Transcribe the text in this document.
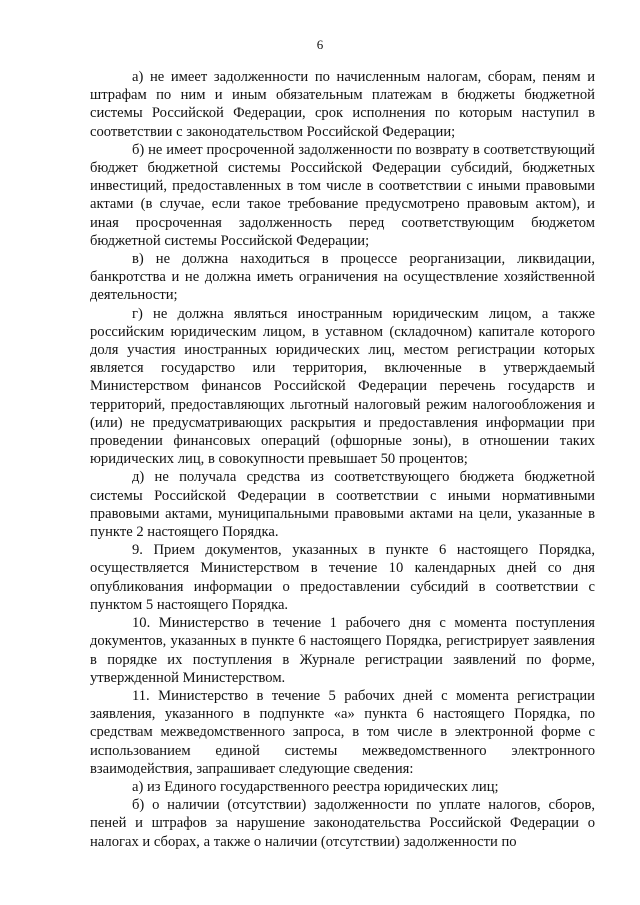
6

а) не имеет задолженности по начисленным налогам, сборам, пеням и штрафам по ним и иным обязательным платежам в бюджеты бюджетной системы Российской Федерации, срок исполнения по которым наступил в соответствии с законодательством Российской Федерации;

б) не имеет просроченной задолженности по возврату в соответствующий бюджет бюджетной системы Российской Федерации субсидий, бюджетных инвестиций, предоставленных в том числе в соответствии с иными правовыми актами (в случае, если такое требование предусмотрено правовым актом), и иная просроченная задолженность перед соответствующим бюджетом бюджетной системы Российской Федерации;

в) не должна находиться в процессе реорганизации, ликвидации, банкротства и не должна иметь ограничения на осуществление хозяйственной деятельности;

г) не должна являться иностранным юридическим лицом, а также российским юридическим лицом, в уставном (складочном) капитале которого доля участия иностранных юридических лиц, местом регистрации которых является государство или территория, включенные в утверждаемый Министерством финансов Российской Федерации перечень государств и территорий, предоставляющих льготный налоговый режим налогообложения и (или) не предусматривающих раскрытия и предоставления информации при проведении финансовых операций (офшорные зоны), в отношении таких юридических лиц, в совокупности превышает 50 процентов;

д) не получала средства из соответствующего бюджета бюджетной системы Российской Федерации в соответствии с иными нормативными правовыми актами, муниципальными правовыми актами на цели, указанные в пункте 2 настоящего Порядка.

9. Прием документов, указанных в пункте 6 настоящего Порядка, осуществляется Министерством в течение 10 календарных дней со дня опубликования информации о предоставлении субсидий в соответствии с пунктом 5 настоящего Порядка.

10. Министерство в течение 1 рабочего дня с момента поступления документов, указанных в пункте 6 настоящего Порядка, регистрирует заявления в порядке их поступления в Журнале регистрации заявлений по форме, утвержденной Министерством.

11. Министерство в течение 5 рабочих дней с момента регистрации заявления, указанного в подпункте «а» пункта 6 настоящего Порядка, по средствам межведомственного запроса, в том числе в электронной форме с использованием единой системы межведомственного электронного взаимодействия, запрашивает следующие сведения:

а) из Единого государственного реестра юридических лиц;

б) о наличии (отсутствии) задолженности по уплате налогов, сборов, пеней и штрафов за нарушение законодательства Российской Федерации о налогах и сборах, а также о наличии (отсутствии) задолженности по
